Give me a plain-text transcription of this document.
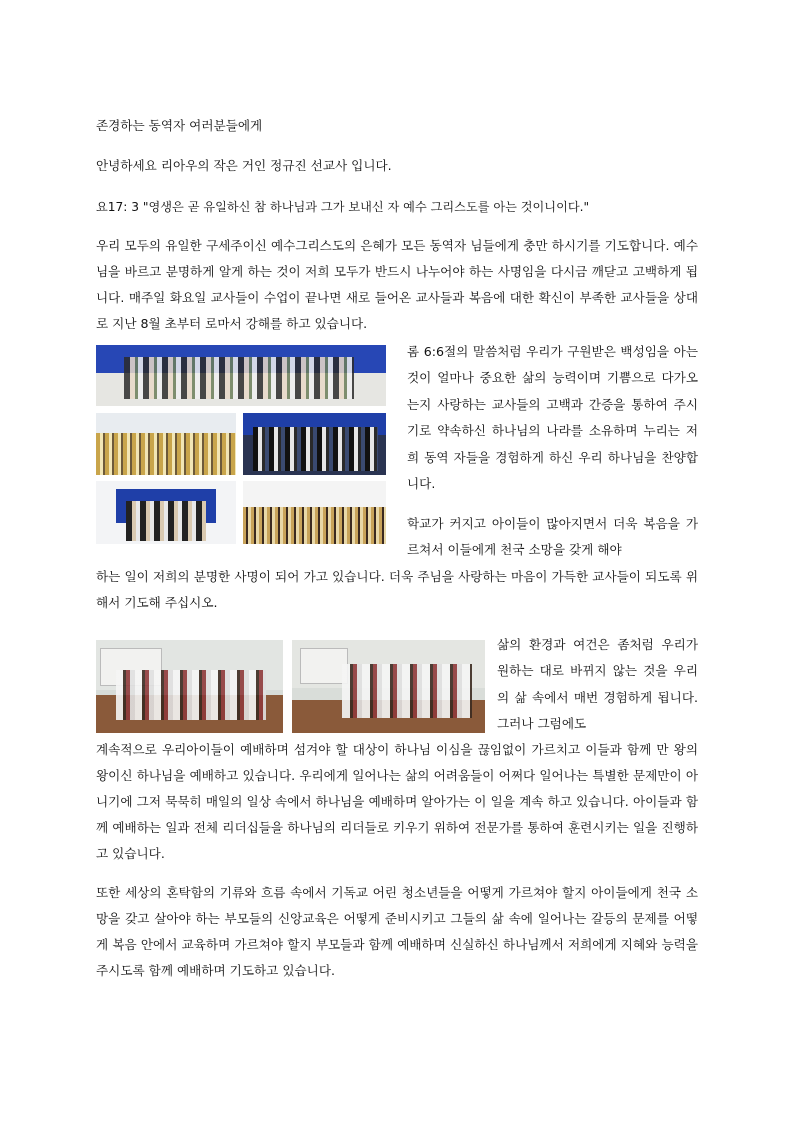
존경하는 동역자 여러분들에게

안녕하세요 리아우의 작은 거인 정규진 선교사 입니다.

요17: 3 "영생은 곧 유일하신 참 하나님과 그가 보내신 자 예수 그리스도를 아는 것이니이다."

우리 모두의 유일한 구세주이신 예수그리스도의 은혜가 모든 동역자 님들에게 충만 하시기를 기도합니다. 예수님을 바르고 분명하게 알게 하는 것이 저희 모두가 반드시 나누어야 하는 사명임을 다시금 깨닫고 고백하게 됩니다. 매주일 화요일 교사들이 수업이 끝나면 새로 들어온 교사들과 복음에 대한 확신이 부족한 교사들을 상대로 지난 8월 초부터 로마서 강해를 하고 있습니다.

롬 6:6절의 말씀처럼 우리가 구원받은 백성임을 아는 것이 얼마나 중요한 삶의 능력이며 기쁨으로 다가오는지 사랑하는 교사들의 고백과 간증을 통하여 주시기로 약속하신 하나님의 나라를 소유하며 누리는 저희 동역 자들을 경험하게 하신 우리 하나님을 찬양합니다.

학교가 커지고 아이들이 많아지면서 더욱 복음을 가르쳐서 이들에게 천국 소망을 갖게 해야

하는 일이 저희의 분명한 사명이 되어 가고 있습니다. 더욱 주님을 사랑하는 마음이 가득한 교사들이 되도록 위해서 기도해 주십시오.

삶의 환경과 여건은 좀처럼 우리가 원하는 대로 바뀌지 않는 것을 우리의 삶 속에서 매번 경험하게 됩니다. 그러나 그럼에도

계속적으로 우리아이들이 예배하며 섬겨야 할 대상이 하나님 이심을 끊임없이 가르치고 이들과 함께 만 왕의 왕이신 하나님을 예배하고 있습니다. 우리에게 일어나는 삶의 어려움들이 어쩌다 일어나는 특별한 문제만이 아니기에 그저 묵묵히 매일의 일상 속에서 하나님을 예배하며 알아가는 이 일을 계속 하고 있습니다. 아이들과 함께 예배하는 일과 전체 리더십들을 하나님의 리더들로 키우기 위하여 전문가를 통하여 훈련시키는 일을 진행하고 있습니다.

또한 세상의 혼탁함의 기류와 흐름 속에서 기독교 어린 청소년들을 어떻게 가르쳐야 할지 아이들에게 천국 소망을 갖고 살아야 하는 부모들의 신앙교육은 어떻게 준비시키고 그들의 삶 속에 일어나는 갈등의 문제를 어떻게 복음 안에서 교육하며 가르쳐야 할지 부모들과 함께 예배하며 신실하신 하나님께서 저희에게 지혜와 능력을 주시도록 함께 예배하며 기도하고 있습니다.
